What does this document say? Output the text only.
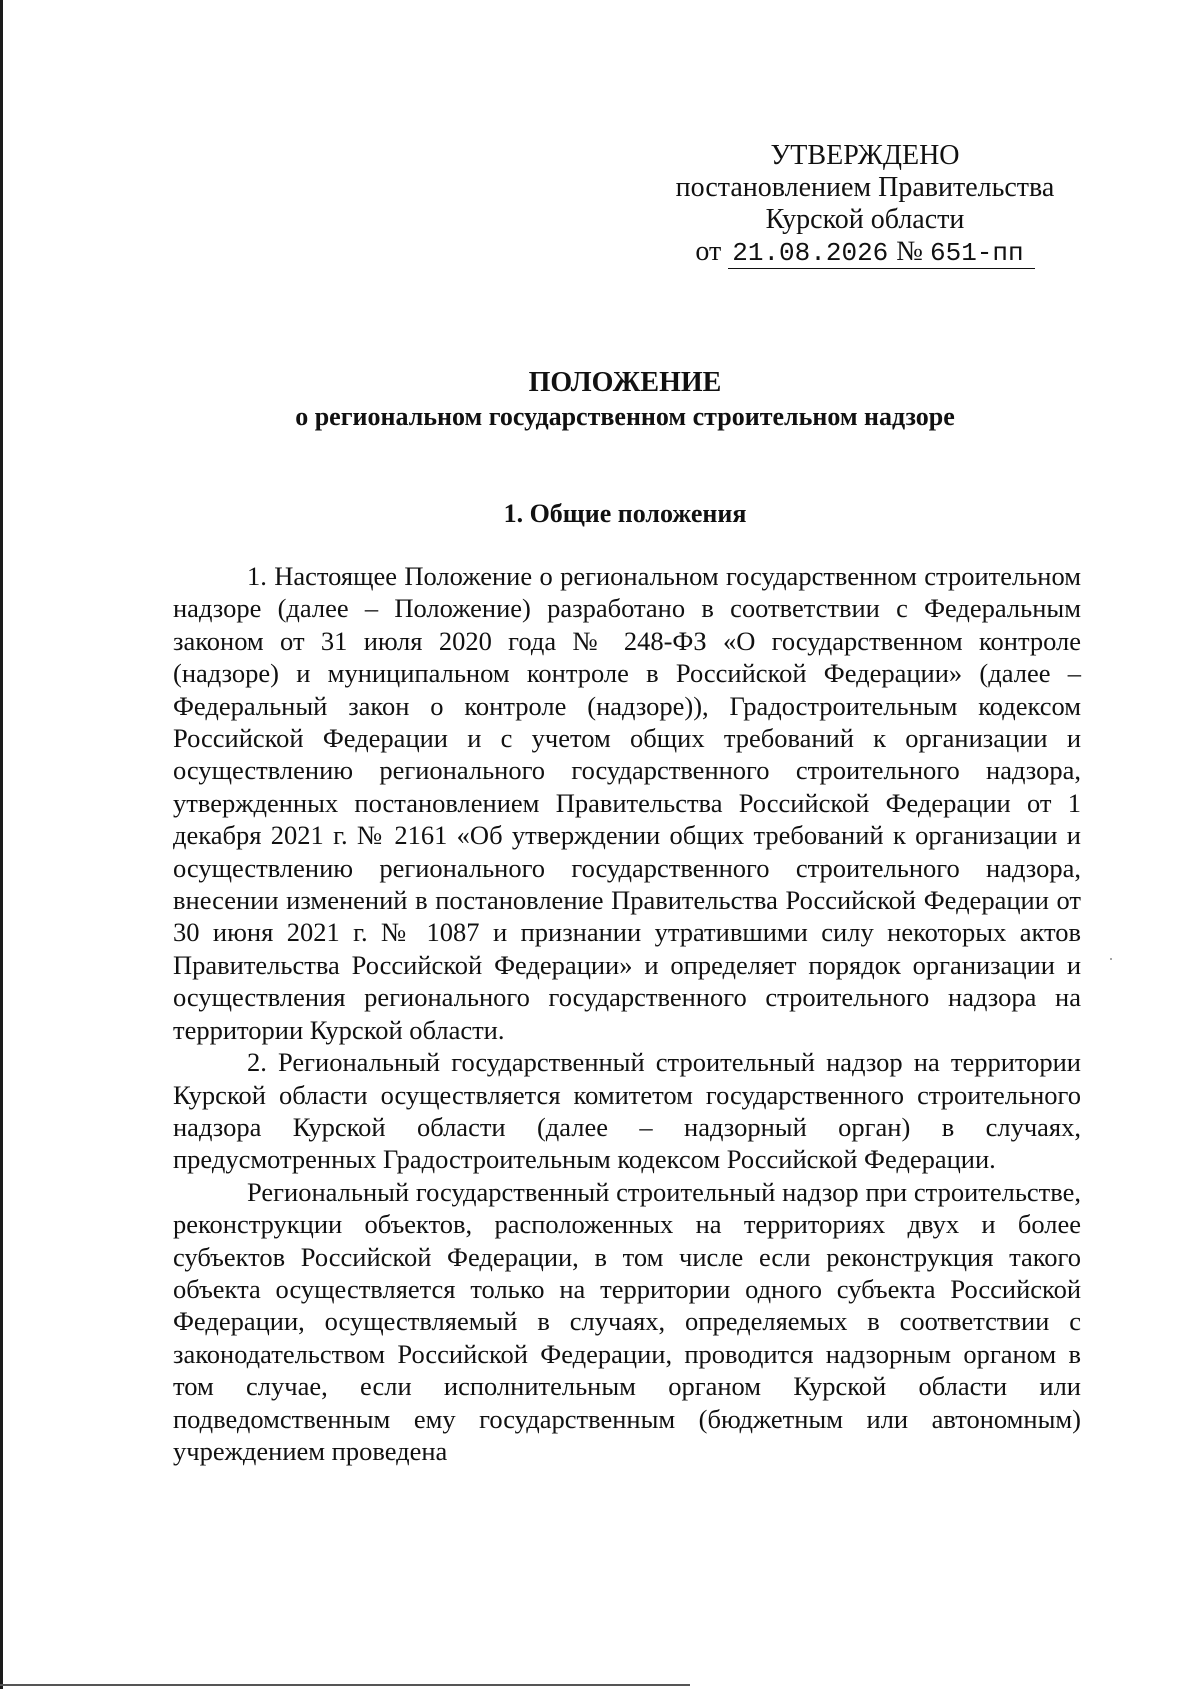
УТВЕРЖДЕНО
постановлением Правительства
Курской области
от 21.08.2026 № 651-пп
ПОЛОЖЕНИЕ
о региональном государственном строительном надзоре
1. Общие положения

1. Настоящее Положение о региональном государственном строительном надзоре (далее – Положение) разработано в соответствии с Федеральным законом от 31 июля 2020 года № 248-ФЗ «О государственном контроле (надзоре) и муниципальном контроле в Российской Федерации» (далее – Федеральный закон о контроле (надзоре)), Градостроительным кодексом Российской Федерации и с учетом общих требований к организации и осуществлению регионального государственного строительного надзора, утвержденных постановлением Правительства Российской Федерации от 1 декабря 2021 г. № 2161 «Об утверждении общих требований к организации и осуществлению регионального государственного строительного надзора, внесении изменений в постановление Правительства Российской Федерации от 30 июня 2021 г. № 1087 и признании утратившими силу некоторых актов Правительства Российской Федерации» и определяет порядок организации и осуществления регионального государственного строительного надзора на территории Курской области.

2. Региональный государственный строительный надзор на территории Курской области осуществляется комитетом государственного строительного надзора Курской области (далее – надзорный орган) в случаях, предусмотренных Градостроительным кодексом Российской Федерации.

Региональный государственный строительный надзор при строительстве, реконструкции объектов, расположенных на территориях двух и более субъектов Российской Федерации, в том числе если реконструкция такого объекта осуществляется только на территории одного субъекта Российской Федерации, осуществляемый в случаях, определяемых в соответствии с законодательством Российской Федерации, проводится надзорным органом в том случае, если исполнительным органом Курской области или подведомственным ему государственным (бюджетным или автономным) учреждением проведена
